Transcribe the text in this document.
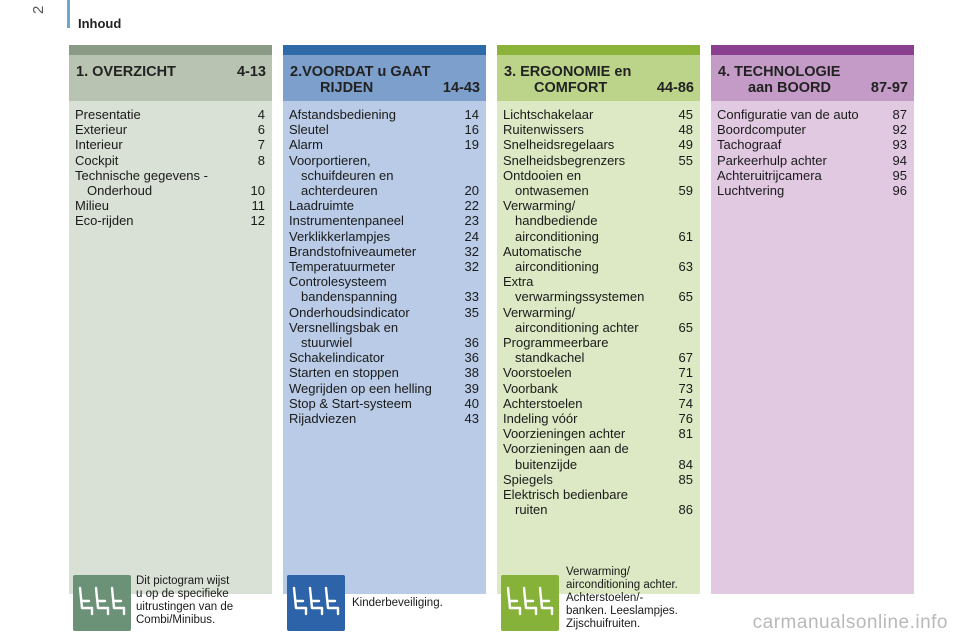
2
Inhoud
1. OVERZICHT	4-13
Presentatie	4
Exterieur	6
Interieur	7
Cockpit	8
Technische gegevens -
Onderhoud	10
Milieu	11
Eco-rijden	12
Dit pictogram wijst
u op de specifieke
uitrustingen van de
Combi/Minibus.
2.VOORDAT u GAAT
RIJDEN	14-43
Afstandsbediening	14
Sleutel	16
Alarm	19
Voorportieren,
schuifdeuren en
achterdeuren	20
Laadruimte	22
Instrumentenpaneel	23
Verklikkerlampjes	24
Brandstofniveaumeter	32
Temperatuurmeter	32
Controlesysteem
bandenspanning	33
Onderhoudsindicator	35
Versnellingsbak en
stuurwiel	36
Schakelindicator	36
Starten en stoppen	38
Wegrijden op een helling	39
Stop & Start-systeem	40
Rijadviezen	43
Kinderbeveiliging.
3. ERGONOMIE en
COMFORT	44-86
Lichtschakelaar	45
Ruitenwissers	48
Snelheidsregelaars	49
Snelheidsbegrenzers	55
Ontdooien en
ontwasemen	59
Verwarming/
handbediende
airconditioning	61
Automatische
airconditioning	63
Extra
verwarmingssystemen	65
Verwarming/
airconditioning achter	65
Programmeerbare
standkachel	67
Voorstoelen	71
Voorbank	73
Achterstoelen	74
Indeling vóór	76
Voorzieningen achter	81
Voorzieningen aan de
buitenzijde	84
Spiegels	85
Elektrisch bedienbare
ruiten	86
Verwarming/
airconditioning achter.
Achterstoelen/-
banken. Leeslampjes.
Zijschuifruiten.
4. TECHNOLOGIE
aan BOORD	87-97
Configuratie van de auto	87
Boordcomputer	92
Tachograaf	93
Parkeerhulp achter	94
Achteruitrijcamera	95
Luchtvering	96
carmanualsonline.info
